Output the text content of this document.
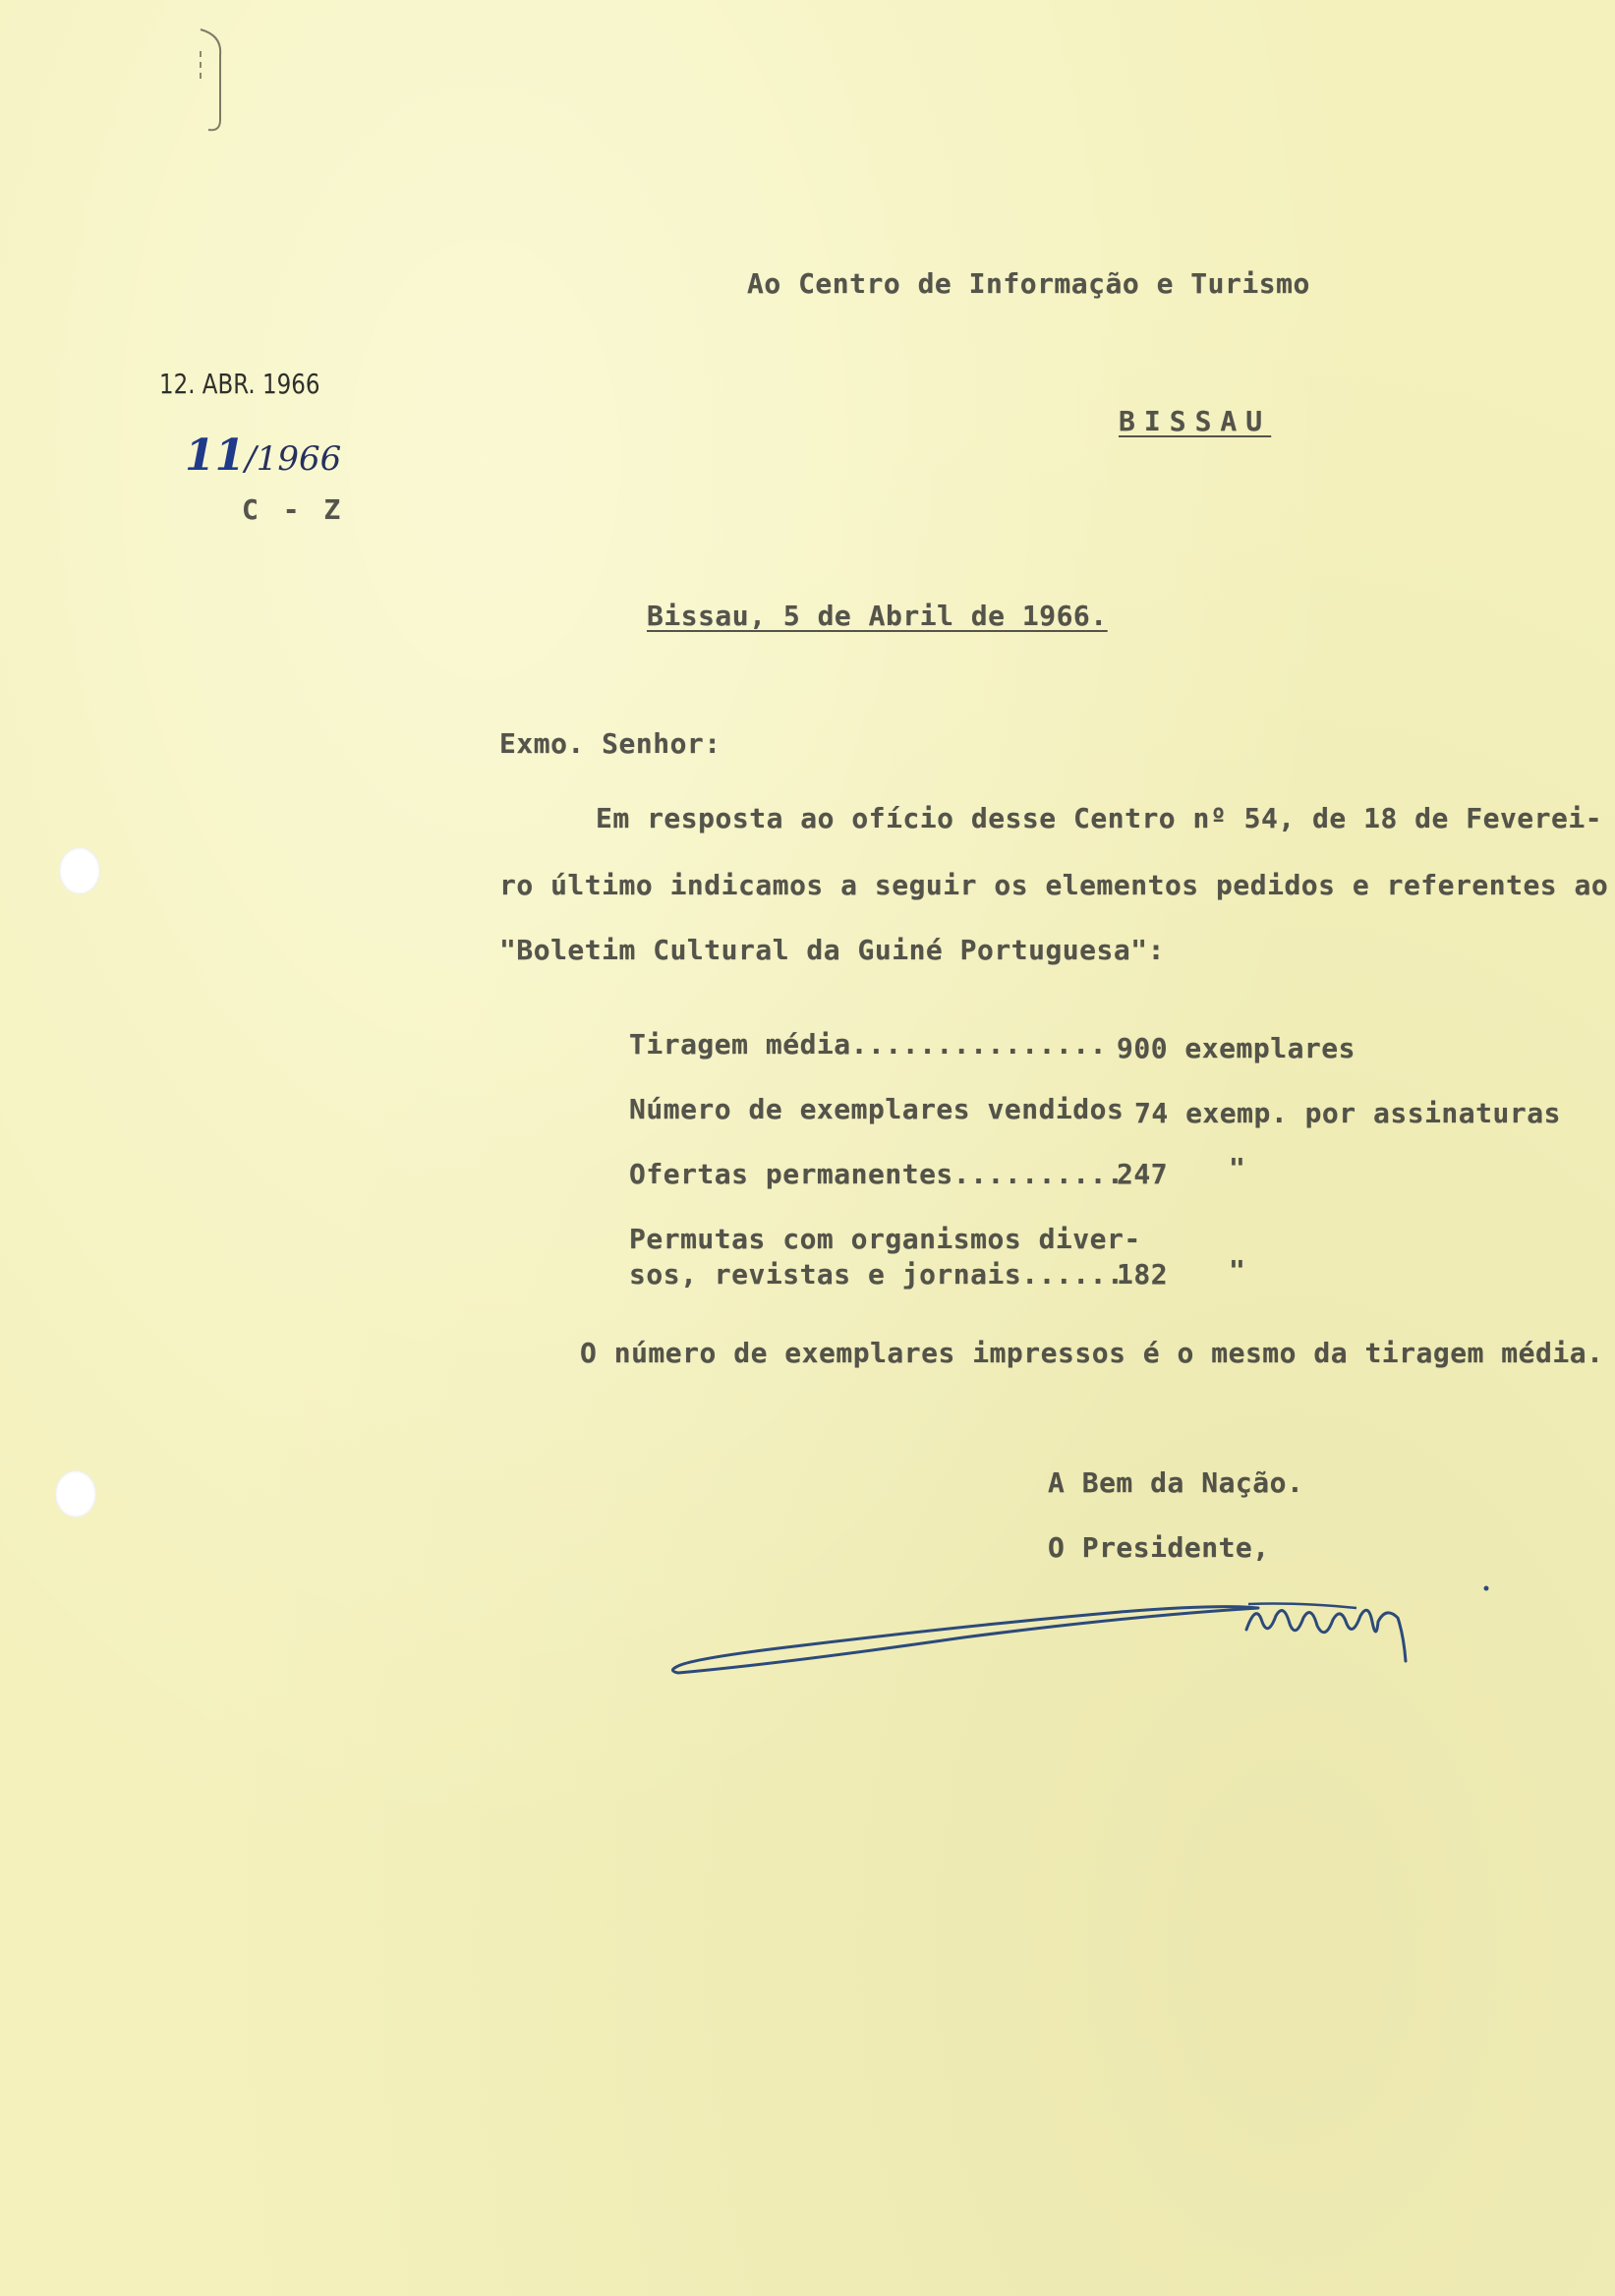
Ao Centro de Informação e Turismo
BISSAU
12. ABR. 1966
11/1966
C - Z
Bissau, 5 de Abril de 1966.
Exmo. Senhor:
Em resposta ao ofício desse Centro nº 54, de 18 de Feverei-
ro último indicamos a seguir os elementos pedidos e referentes ao
"Boletim Cultural da Guiné Portuguesa":
Tiragem média............... 900 exemplares
Número de exemplares vendidos 74 exemp. por assinaturas
Ofertas permanentes..........
247 "
Permutas com organismos diver-
sos, revistas e jornais......
182 "
O número de exemplares impressos é o mesmo da tiragem média.
A Bem da Nação.
O Presidente,
